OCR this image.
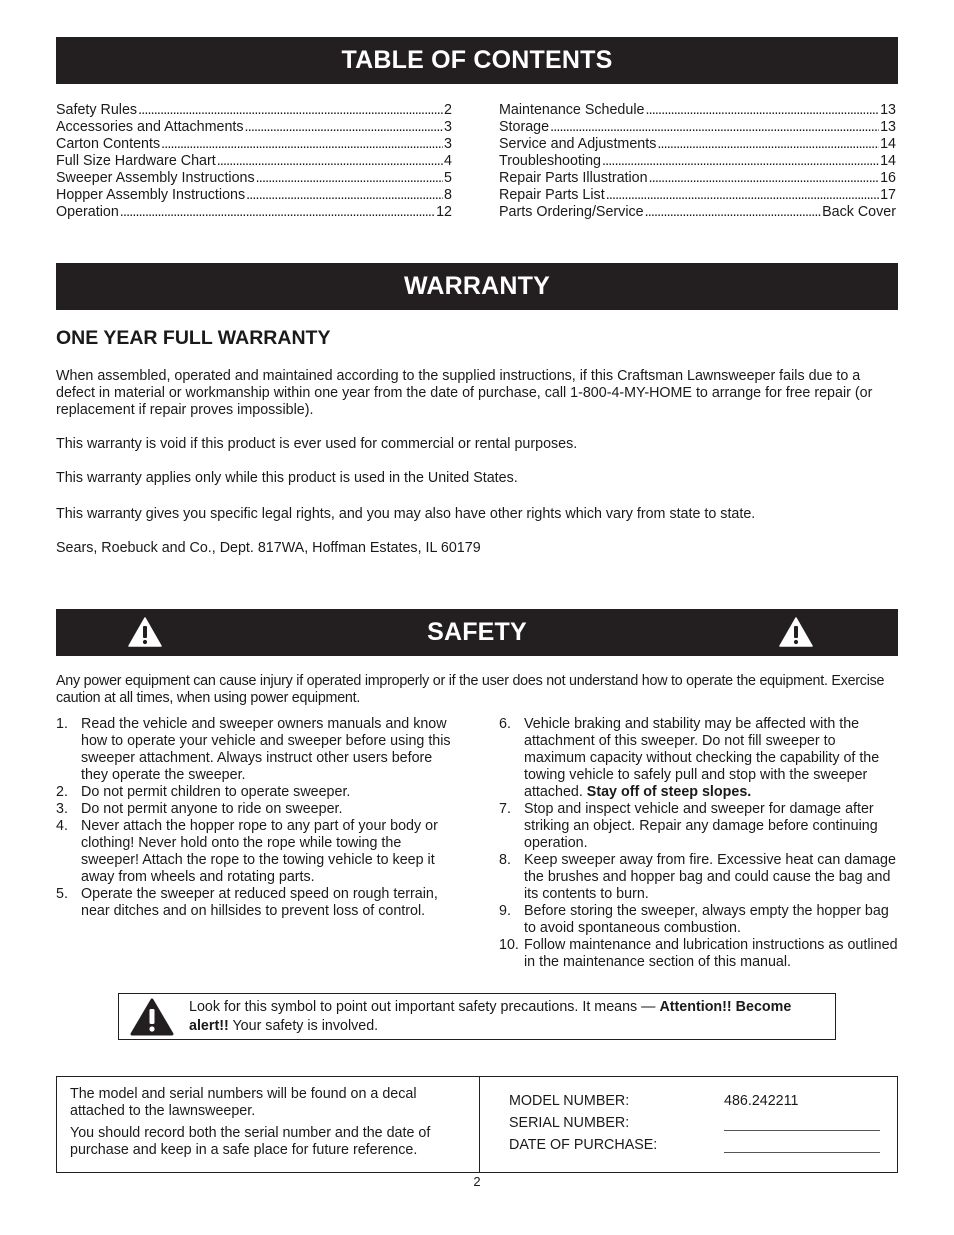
TABLE OF CONTENTS
Safety Rules . . .	2
Accessories and Attachments . . .	3
Carton Contents . . .	3
Full Size Hardware Chart . . .	4
Sweeper Assembly Instructions . . .	5
Hopper Assembly Instructions . . .	8
Operation . . .	12
Maintenance Schedule . . .	13
Storage . . .	13
Service and Adjustments . . .	14
Troubleshooting . . .	14
Repair Parts Illustration . . .	16
Repair Parts List . . .	17
Parts Ordering/Service . . .	Back Cover
WARRANTY
ONE YEAR FULL WARRANTY

When assembled, operated and maintained according to the supplied instructions, if this Craftsman Lawnsweeper fails due to a defect in material or workmanship within one year from the date of purchase, call 1-800-4-MY-HOME to arrange for free repair (or replacement if repair proves impossible).

This warranty is void if this product is ever used for commercial or rental purposes.

This warranty applies only while this product is used in the United States.

This warranty gives you specific legal rights, and you may also have other rights which vary from state to state.

Sears, Roebuck and Co., Dept. 817WA, Hoffman Estates, IL 60179

SAFETY

Any power equipment can cause injury if operated improperly or if the user does not understand how to operate the equipment. Exercise caution at all times, when using power equipment.

1. Read the vehicle and sweeper owners manuals and know how to operate your vehicle and sweeper before using this sweeper attachment. Always instruct other users before they operate the sweeper.
2. Do not permit children to operate sweeper.
3. Do not permit anyone to ride on sweeper.
4. Never attach the hopper rope to any part of your body or clothing! Never hold onto the rope while towing the sweeper! Attach the rope to the towing vehicle to keep it away from wheels and rotating parts.
5. Operate the sweeper at reduced speed on rough terrain, near ditches and on hillsides to prevent loss of control.
6. Vehicle braking and stability may be affected with the attachment of this sweeper. Do not fill sweeper to maximum capacity without checking the capability of the towing vehicle to safely pull and stop with the sweeper attached. Stay off of steep slopes.
7. Stop and inspect vehicle and sweeper for damage after striking an object. Repair any damage before continuing operation.
8. Keep sweeper away from fire. Excessive heat can damage the brushes and hopper bag and could cause the bag and its contents to burn.
9. Before storing the sweeper, always empty the hopper bag to avoid spontaneous combustion.
10. Follow maintenance and lubrication instructions as outlined in the maintenance section of this manual.

Look for this symbol to point out important safety precautions. It means — Attention!! Become alert!! Your safety is involved.

The model and serial numbers will be found on a decal attached to the lawnsweeper.

You should record both the serial number and the date of purchase and keep in a safe place for future reference.

MODEL NUMBER:	486.242211
SERIAL NUMBER:
DATE OF PURCHASE:
2
